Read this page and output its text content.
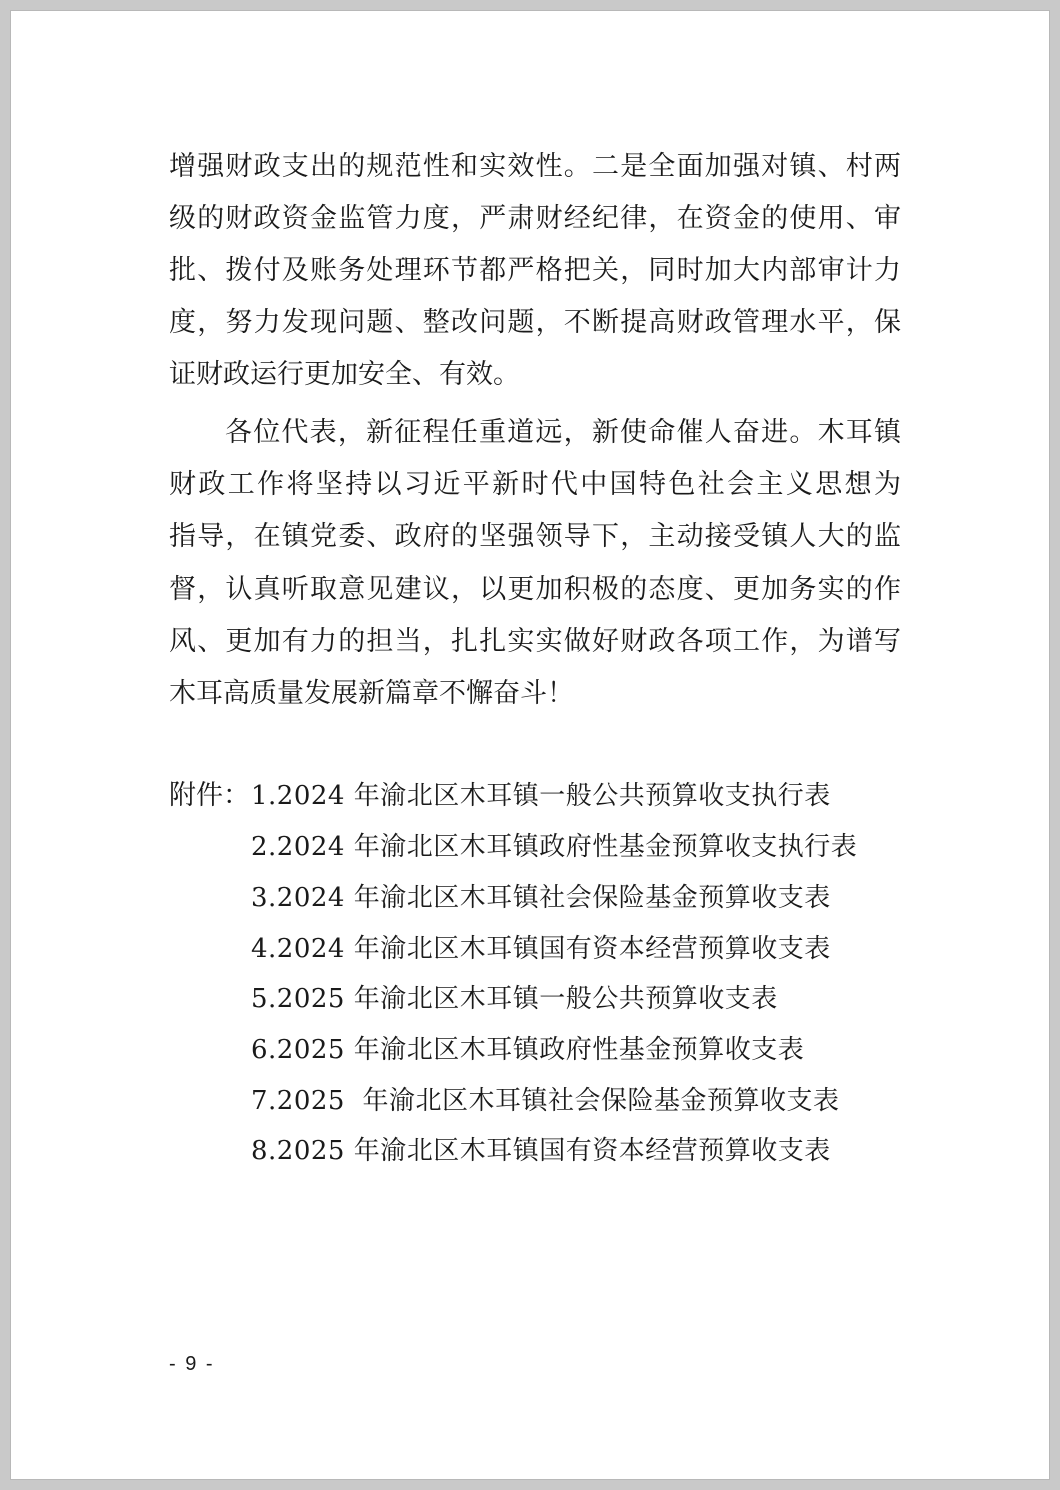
增强财政支出的规范性和实效性。二是全面加强对镇、村两
级的财政资金监管力度，严肃财经纪律，在资金的使用、审
批、拨付及账务处理环节都严格把关，同时加大内部审计力
度，努力发现问题、整改问题，不断提高财政管理水平，保
证财政运行更加安全、有效。
各位代表，新征程任重道远，新使命催人奋进。木耳镇
财政工作将坚持以习近平新时代中国特色社会主义思想为
指导，在镇党委、政府的坚强领导下，主动接受镇人大的监
督，认真听取意见建议，以更加积极的态度、更加务实的作
风、更加有力的担当，扎扎实实做好财政各项工作，为谱写
木耳高质量发展新篇章不懈奋斗！
附件： 1.2024 年渝北区木耳镇一般公共预算收支执行表
2.2024 年渝北区木耳镇政府性基金预算收支执行表
3.2024 年渝北区木耳镇社会保险基金预算收支表
4.2024 年渝北区木耳镇国有资本经营预算收支表
5.2025 年渝北区木耳镇一般公共预算收支表
6.2025 年渝北区木耳镇政府性基金预算收支表
7.2025  年渝北区木耳镇社会保险基金预算收支表
8.2025 年渝北区木耳镇国有资本经营预算收支表
- 9 -
